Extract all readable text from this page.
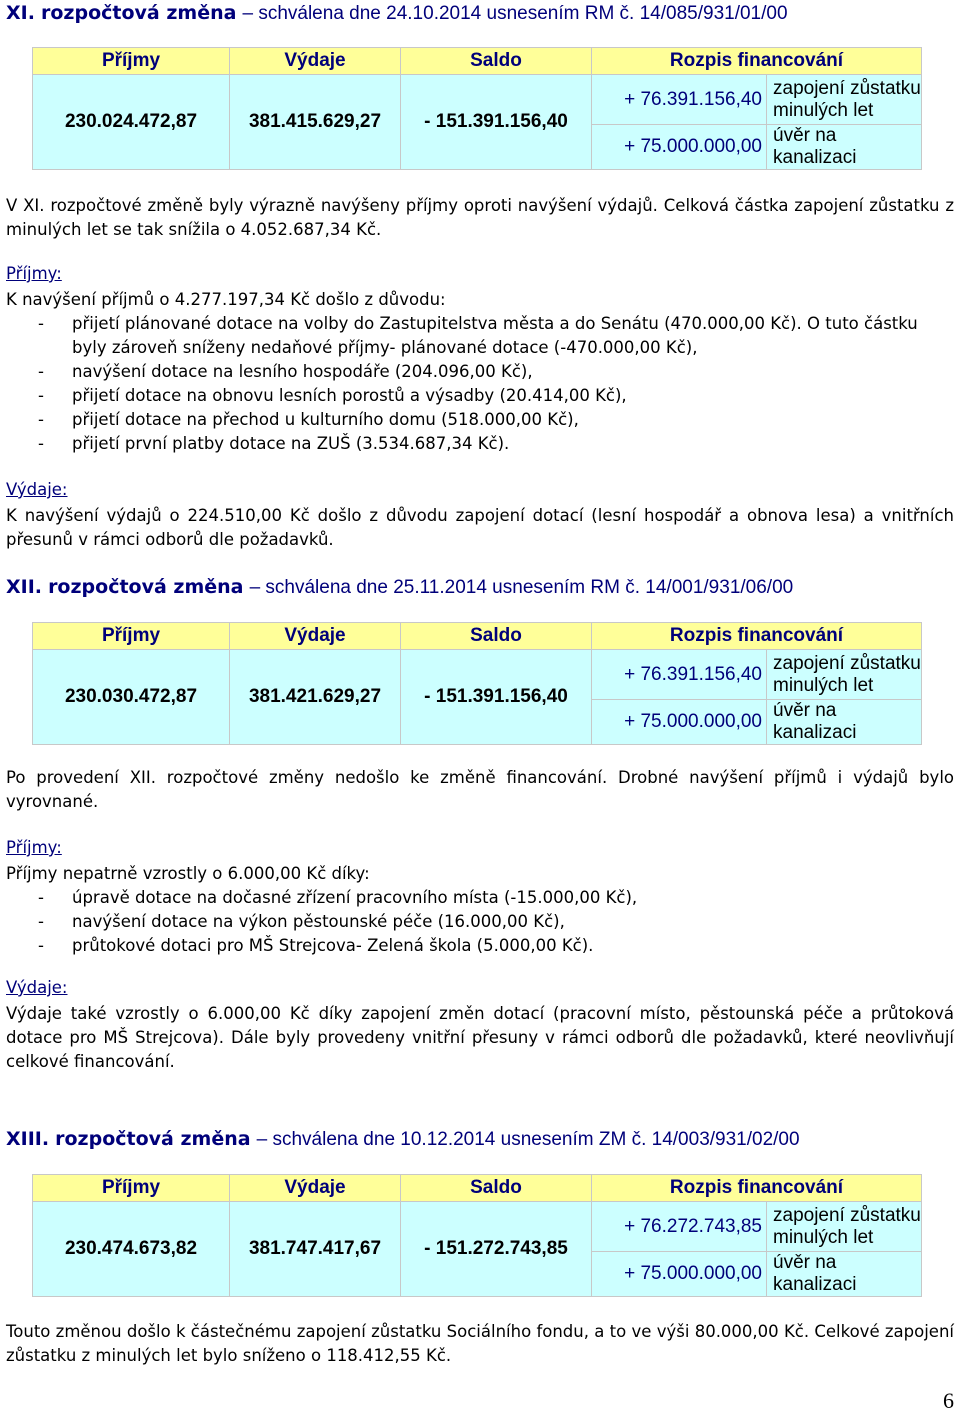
XI. rozpočtová změna – schválena dne 24.10.2014 usnesením RM č. 14/085/931/01/00
Příjmy	Výdaje	Saldo	Rozpis financování	
230.024.472,87	381.415.629,27	- 151.391.156,40	+ 76.391.156,40	zapojení zůstatku minulých let
			+ 75.000.000,00	úvěr na kanalizaci
V XI. rozpočtové změně byly výrazně navýšeny příjmy oproti navýšení výdajů. Celková částka zapojení zůstatku z minulých let se tak snížila o 4.052.687,34 Kč.
Příjmy:
K navýšení příjmů o 4.277.197,34 Kč došlo z důvodu:
- přijetí plánované dotace na volby do Zastupitelstva města a do Senátu (470.000,00 Kč). O tuto částku byly zároveň sníženy nedaňové příjmy- plánované dotace (-470.000,00 Kč),
- navýšení dotace na lesního hospodáře (204.096,00 Kč),
- přijetí dotace na obnovu lesních porostů a výsadby (20.414,00 Kč),
- přijetí dotace na přechod u kulturního domu (518.000,00 Kč),
- přijetí první platby dotace na ZUŠ (3.534.687,34 Kč).
Výdaje:
K navýšení výdajů o 224.510,00 Kč došlo z důvodu zapojení dotací (lesní hospodář a obnova lesa) a vnitřních přesunů v rámci odborů dle požadavků.
XII. rozpočtová změna – schválena dne 25.11.2014 usnesením RM č. 14/001/931/06/00
Příjmy	Výdaje	Saldo	Rozpis financování	
230.030.472,87	381.421.629,27	- 151.391.156,40	+ 76.391.156,40	zapojení zůstatku minulých let
			+ 75.000.000,00	úvěr na kanalizaci
Po provedení XII. rozpočtové změny nedošlo ke změně financování. Drobné navýšení příjmů i výdajů bylo vyrovnané.
Příjmy:
Příjmy nepatrně vzrostly o 6.000,00 Kč díky:
- úpravě dotace na dočasné zřízení pracovního místa (-15.000,00 Kč),
- navýšení dotace na výkon pěstounské péče (16.000,00 Kč),
- průtokové dotaci pro MŠ Strejcova- Zelená škola (5.000,00 Kč).
Výdaje:
Výdaje také vzrostly o 6.000,00 Kč díky zapojení změn dotací (pracovní místo, pěstounská péče a průtoková dotace pro MŠ Strejcova). Dále byly provedeny vnitřní přesuny v rámci odborů dle požadavků, které neovlivňují celkové financování.
XIII. rozpočtová změna – schválena dne 10.12.2014 usnesením ZM č. 14/003/931/02/00
Příjmy	Výdaje	Saldo	Rozpis financování	
230.474.673,82	381.747.417,67	- 151.272.743,85	+ 76.272.743,85	zapojení zůstatku minulých let
			+ 75.000.000,00	úvěr na kanalizaci
Touto změnou došlo k částečnému zapojení zůstatku Sociálního fondu, a to ve výši 80.000,00 Kč. Celkové zapojení zůstatku z minulých let bylo sníženo o 118.412,55 Kč.
6
